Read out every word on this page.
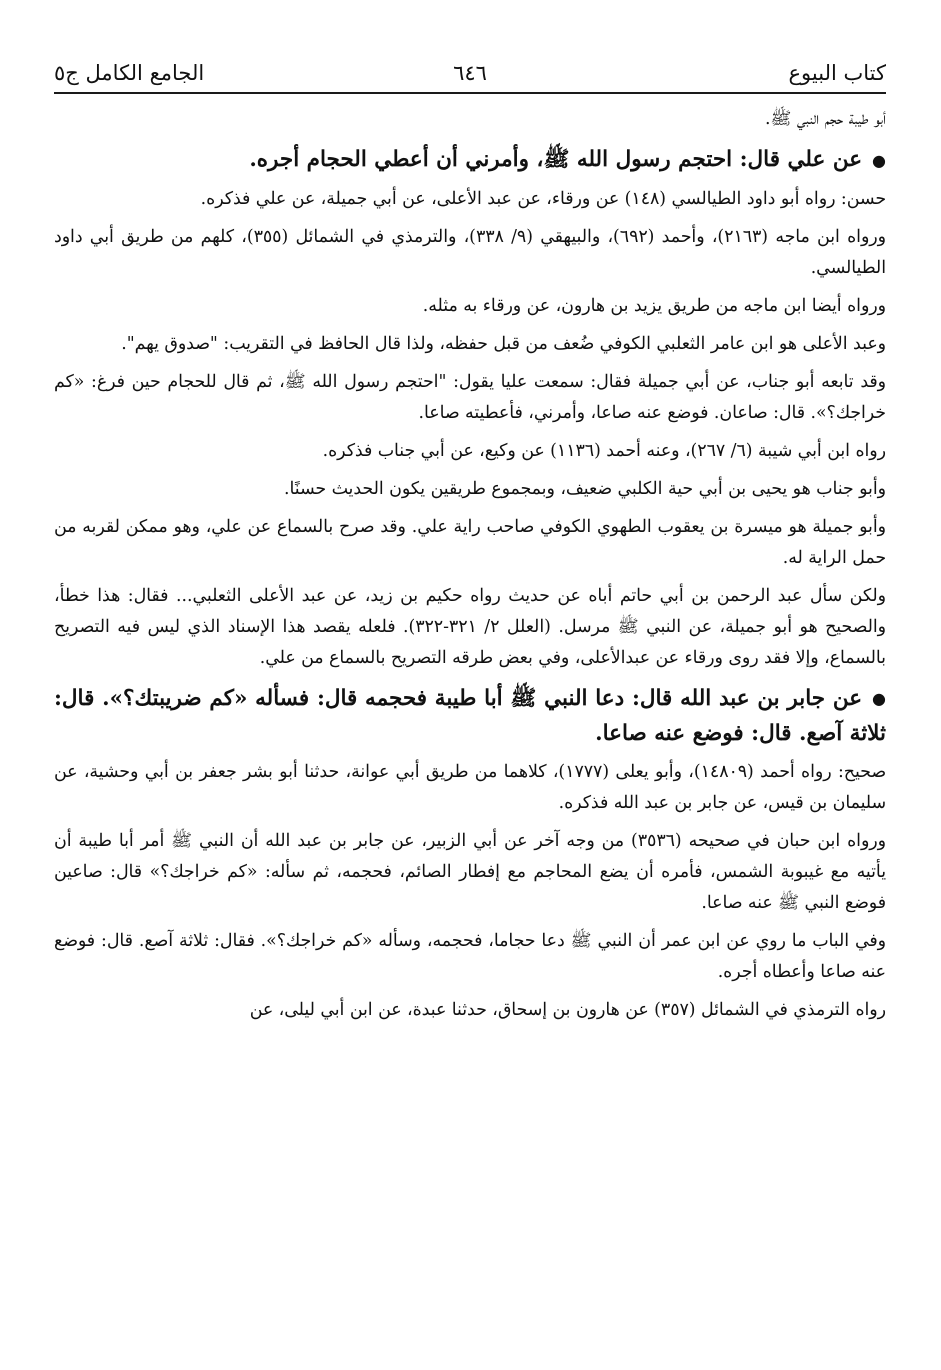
كتاب البيوع
٦٤٦
الجامع الكامل ج٥
أبو طيبة حجم النبي ﷺ.
●عن علي قال: احتجم رسول الله ﷺ، وأمرني أن أعطي الحجام أجره.
حسن: رواه أبو داود الطيالسي (١٤٨) عن ورقاء، عن عبد الأعلى، عن أبي جميلة، عن علي فذكره.
ورواه ابن ماجه (٢١٦٣)، وأحمد (٦٩٢)، والبيهقي (٩/ ٣٣٨)، والترمذي في الشمائل (٣٥٥)، كلهم من طريق أبي داود الطيالسي.
ورواه أيضا ابن ماجه من طريق يزيد بن هارون، عن ورقاء به مثله.
وعبد الأعلى هو ابن عامر الثعلبي الكوفي ضُعف من قبل حفظه، ولذا قال الحافظ في التقريب: "صدوق يهم".
وقد تابعه أبو جناب، عن أبي جميلة فقال: سمعت عليا يقول: "احتجم رسول الله ﷺ، ثم قال للحجام حين فرغ: «كم خراجك؟». قال: صاعان. فوضع عنه صاعا، وأمرني، فأعطيته صاعا.
رواه ابن أبي شيبة (٦/ ٢٦٧)، وعنه أحمد (١١٣٦) عن وكيع، عن أبي جناب فذكره.
وأبو جناب هو يحيى بن أبي حية الكلبي ضعيف، وبمجموع طريقين يكون الحديث حسنًا.
وأبو جميلة هو ميسرة بن يعقوب الطهوي الكوفي صاحب راية علي. وقد صرح بالسماع عن علي، وهو ممكن لقربه من حمل الراية له.
ولكن سأل عبد الرحمن بن أبي حاتم أباه عن حديث رواه حكيم بن زيد، عن عبد الأعلى الثعلبي... فقال: هذا خطأ، والصحيح هو أبو جميلة، عن النبي ﷺ مرسل. (العلل ٢/ ٣٢١-٣٢٢). فلعله يقصد هذا الإسناد الذي ليس فيه التصريح بالسماع، وإلا فقد روى ورقاء عن عبدالأعلى، وفي بعض طرقه التصريح بالسماع من علي.
●عن جابر بن عبد الله قال: دعا النبي ﷺ أبا طيبة فحجمه قال: فسأله «كم ضريبتك؟». قال: ثلاثة آصع. قال: فوضع عنه صاعا.
صحيح: رواه أحمد (١٤٨٠٩)، وأبو يعلى (١٧٧٧)، كلاهما من طريق أبي عوانة، حدثنا أبو بشر جعفر بن أبي وحشية، عن سليمان بن قيس، عن جابر بن عبد الله فذكره.
ورواه ابن حبان في صحيحه (٣٥٣٦) من وجه آخر عن أبي الزبير، عن جابر بن عبد الله أن النبي ﷺ أمر أبا طيبة أن يأتيه مع غيبوبة الشمس، فأمره أن يضع المحاجم مع إفطار الصائم، فحجمه، ثم سأله: «كم خراجك؟» قال: صاعين فوضع النبي ﷺ عنه صاعا.
وفي الباب ما روي عن ابن عمر أن النبي ﷺ دعا حجاما، فحجمه، وسأله «كم خراجك؟». فقال: ثلاثة آصع. قال: فوضع عنه صاعا وأعطاه أجره.
رواه الترمذي في الشمائل (٣٥٧) عن هارون بن إسحاق، حدثنا عبدة، عن ابن أبي ليلى، عن
